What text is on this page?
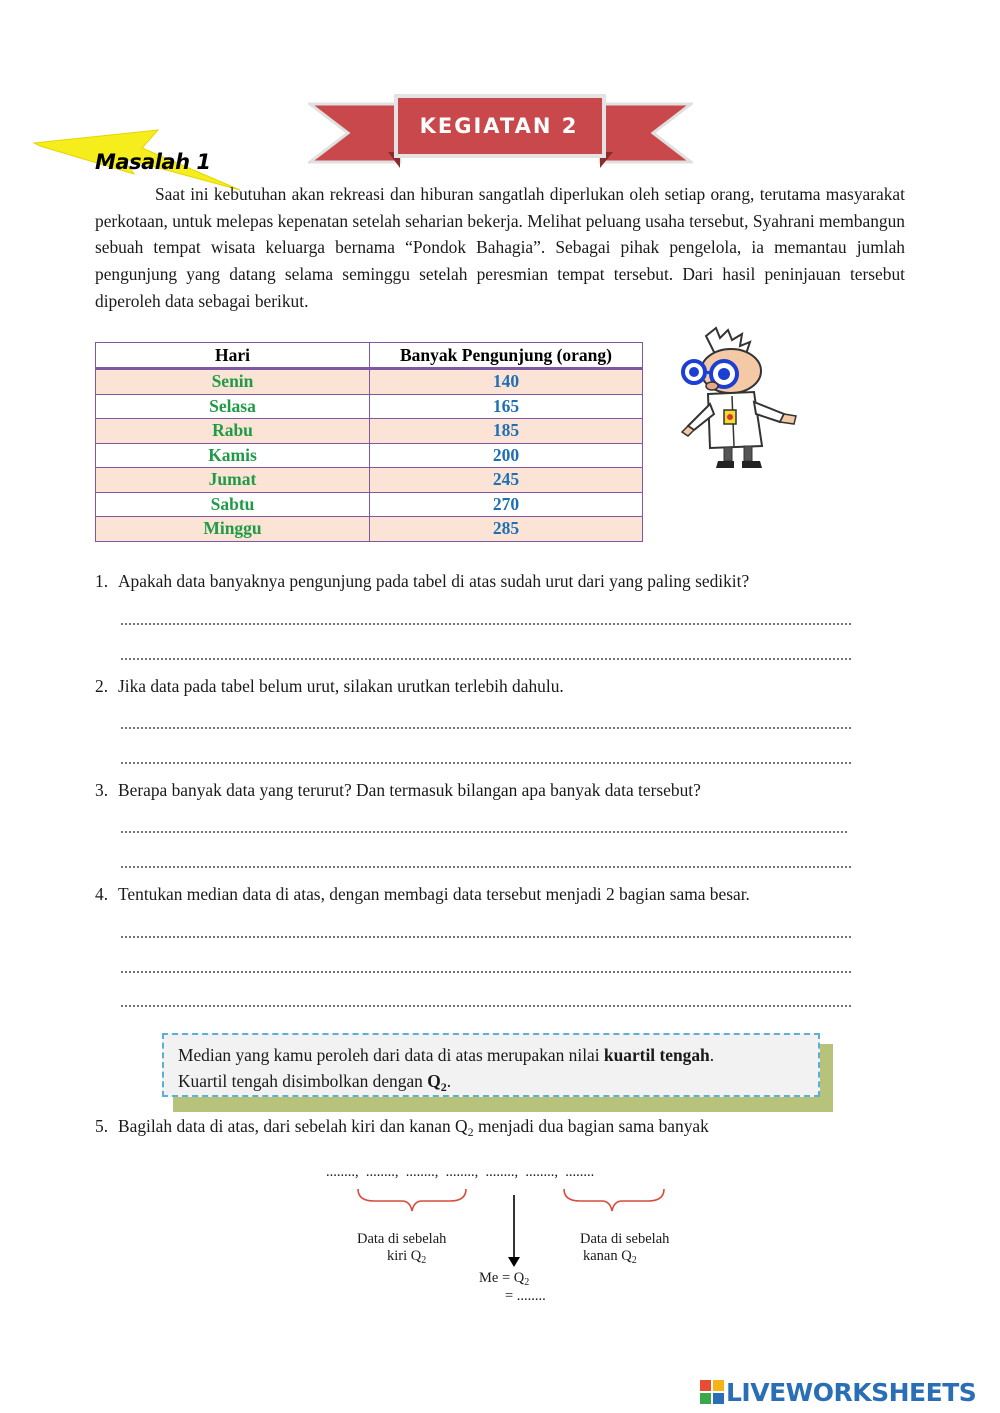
KEGIATAN 2
Masalah 1
Saat ini kebutuhan akan rekreasi dan hiburan sangatlah diperlukan oleh setiap orang, terutama masyarakat perkotaan, untuk melepas kepenatan setelah seharian bekerja. Melihat peluang usaha tersebut, Syahrani membangun sebuah tempat wisata keluarga bernama “Pondok Bahagia”. Sebagai pihak pengelola, ia memantau jumlah pengunjung yang datang selama seminggu setelah peresmian tempat tersebut. Dari hasil peninjauan tersebut diperoleh data sebagai berikut.
Hari	Banyak Pengunjung (orang)
Senin	140
Selasa	165
Rabu	185
Kamis	200
Jumat	245
Sabtu	270
Minggu	285
1. Apakah data banyaknya pengunjung pada tabel di atas sudah urut dari yang paling sedikit?
2. Jika data pada tabel belum urut, silakan urutkan terlebih dahulu.
3. Berapa banyak data yang terurut? Dan termasuk bilangan apa banyak data tersebut?
4. Tentukan median data di atas, dengan membagi data tersebut menjadi 2 bagian sama besar.
Median yang kamu peroleh dari data di atas merupakan nilai kuartil tengah.
Kuartil tengah disimbolkan dengan $Q_2$.
5. Bagilah data di atas, dari sebelah kiri dan kanan $Q_2$ menjadi dua bagian sama banyak
........,  ........,  ........,  ........,  ........,  ........,  ........
Data di sebelah
kiri $Q_2$
Data di sebelah
kanan $Q_2$
$Me = Q_2$
= ........
LIVEWORKSHEETS
